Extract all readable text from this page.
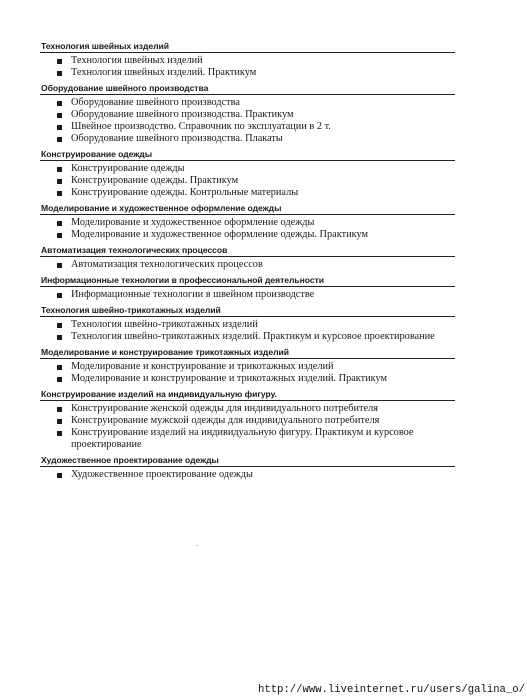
Технология швейных изделий
Технология швейных изделий
Технология швейных изделий. Практикум
Оборудование швейного производства
Оборудование швейного производства
Оборудование швейного производства. Практикум
Швейное производство. Справочник по эксплуатации в 2 т.
Оборудование швейного производства. Плакаты
Конструирование одежды
Конструирование одежды
Конструирование одежды. Практикум
Конструирование одежды. Контрольные материалы
Моделирование и художественное оформление одежды
Моделирование и художественное оформление одежды
Моделирование и художественное оформление одежды. Практикум
Автоматизация технологических процессов
Автоматизация технологических процессов
Информационные технологии в профессиональной деятельности
Информационные технологии в швейном производстве
Технология швейно-трикотажных изделий
Технология швейно-трикотажных изделий
Технология швейно-трикотажных изделий. Практикум и курсовое проектирование
Моделирование и конструирование трикотажных изделий
Моделирование и конструирование и трикотажных изделий
Моделирование и конструирование и трикотажных изделий. Практикум
Конструирование изделий на индивидуальную фигуру.
Конструирование женской одежды для индивидуального потребителя
Конструирование мужской одежды для индивидуального потребителя
Конструирование изделий на индивидуальную фигуру. Практикум и курсовое проектирование
Художественное проектирование одежды
Художественное проектирование одежды
http://www.liveinternet.ru/users/galina_o/
